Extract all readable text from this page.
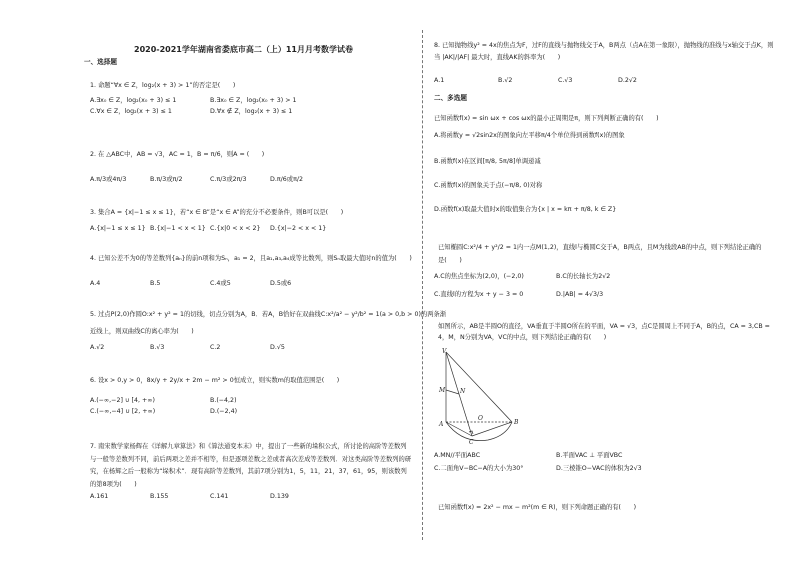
2020-2021学年湖南省娄底市高二（上）11月月考数学试卷
一、选择题
1. 命题“∀x ∈ Z，log₂(x + 3) > 1”的否定是(　　)
A.∃x₀ ∈ Z，log₂(x₀ + 3) ≤ 1	B.∃x₀ ∈ Z，log₂(x₀ + 3) > 1
C.∀x ∈ Z，log₂(x + 3) ≤ 1	D.∀x ∉ Z，log₂(x + 3) ≤ 1
2. 在 △ABC中，AB = √3，AC = 1，B = π/6，则A = (　　)
A.π/3或4π/3	B.π/3或π/2	C.π/3或2π/3	D.π/6或π/2
3. 集合A = {x|−1 ≤ x ≤ 1}，若“x ∈ B”是“x ∈ A”的充分不必要条件，则B可以是(　　)
A.{x|−1 ≤ x ≤ 1} B.{x|−1 < x < 1} C.{x|0 < x < 2} D.{x|−2 < x < 1}
4. 已知公差不为0的等差数列{aₙ}的前n项和为Sₙ，a₁ = 2，且a₁,a₃,a₄成等比数列，则Sₙ取最大值时n的值为(　　)
A.4	B.5	C.4或5	D.5或6
5. 过点P(2,0)作圆O:x² + y² = 1的切线，切点分别为A，B．若A，B恰好在双曲线C:x²/a² − y²/b² = 1(a > 0,b > 0)的两条渐
近线上，则双曲线C的离心率为(　　)
A.√2	B.√3	C.2	D.√5
6. 设x > 0,y > 0，8x/y + 2y/x + 2m − m² > 0恒成立，则实数m的取值范围是(　　)
A.(−∞,−2] ∪ [4, +∞)	B.(−4,2)
C.(−∞,−4] ∪ [2, +∞)	D.(−2,4)
7. 南宋数学家杨辉在《详解九章算法》和《算法通变本末》中，提出了一些新的垛积公式，所讨论的高阶等差数列与一般等差数列不同，前后两项之差并不相等，但是逐项差数之差或者高次差成等差数列．对这类高阶等差数列的研究，在杨辉之后一般称为“垛积术”．现有高阶等差数列，其前7项分别为1，5，11，21，37，61，95，则该数列的第8项为(　　)
A.161	B.155	C.141	D.139
8. 已知抛物线y² = 4x的焦点为F，过F的直线与抛物线交于A，B两点（点A在第一象限），抛物线的准线与x轴交于点K，则当 |AK|/|AF| 最大时，直线AK的斜率为(　　)
A.1	B.√2	C.√3	D.2√2
二、多选题
已知函数f(x) = sin ωx + cos ωx的最小正周期是π，则下列判断正确的有(　　)
A.将函数y = √2sin2x的图象向左平移π/4个单位得到函数f(x)的图象
B.函数f(x)在区间[π/8, 5π/8]单调递减
C.函数f(x)的图象关于点(−π/8, 0)对称
D.函数f(x)取最大值时x的取值集合为{x | x = kπ + π/8, k ∈ Z}
已知椭圆C:x²/4 + y²/2 = 1内一点M(1,2)，直线l与椭圆C交于A，B两点，且M为线段AB的中点，则下列结论正确的
是(　　)
A.C的焦点坐标为(2,0)，(−2,0)	B.C的长轴长为2√2
C.直线l的方程为x + y − 3 = 0	D.|AB| = 4√3/3
如图所示，AB是半圆O的直径，VA垂直于半圆O所在的平面，VA = √3，点C是圆周上不同于A，B的点，CA = 3,CB = 4，M，N分别为VA，VC的中点，则下列结论正确的有(　　)
V
M N
A
O
B
C
A.MN//平面ABC	B.平面VAC ⊥ 平面VBC
C.二面角V−BC−A的大小为30°	D.三棱锥O−VAC的体积为2√3
已知函数f(x) = 2x² − mx − m²(m ∈ R)，则下列命题正确的有(　　)
